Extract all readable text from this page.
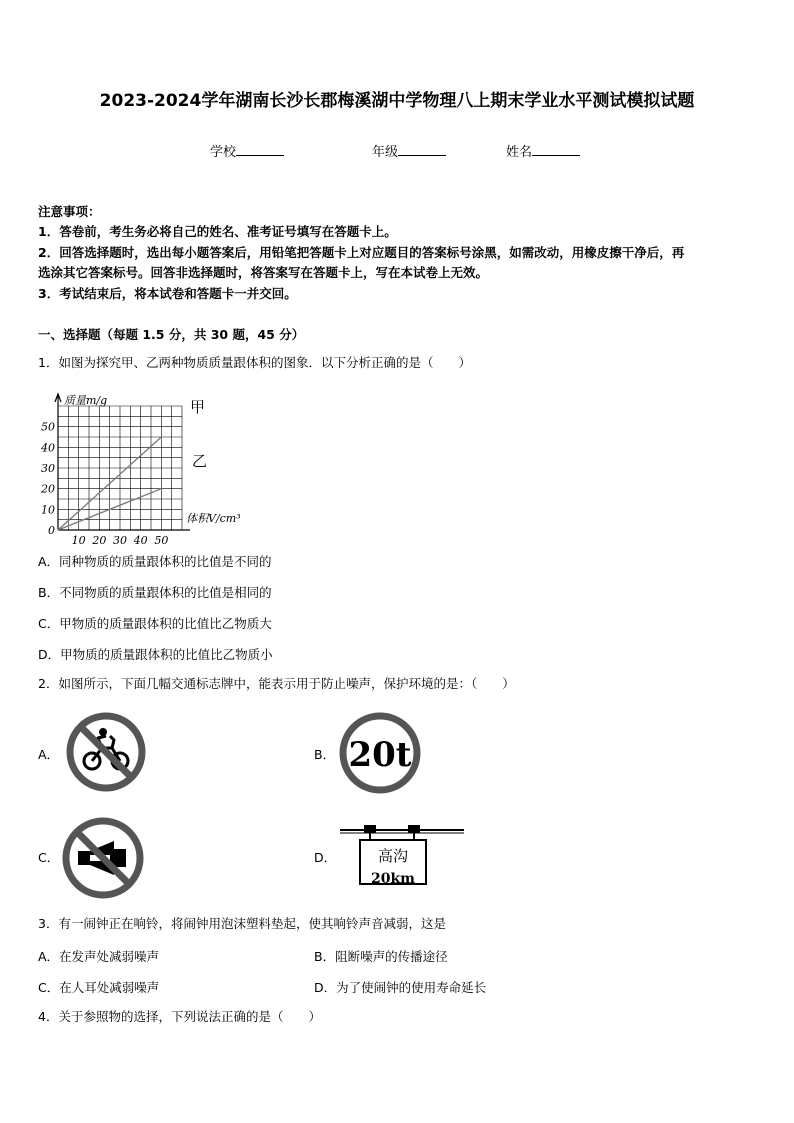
2023-2024学年湖南长沙长郡梅溪湖中学物理八上期末学业水平测试模拟试题
学校	年级	姓名
注意事项：
1．答卷前，考生务必将自己的姓名、准考证号填写在答题卡上。
2．回答选择题时，选出每小题答案后，用铅笔把答题卡上对应题目的答案标号涂黑，如需改动，用橡皮擦干净后，再
选涂其它答案标号。回答非选择题时，将答案写在答题卡上，写在本试卷上无效。
3．考试结束后，将本试卷和答题卡一并交回。
一、选择题（每题 1.5 分，共 30 题，45 分）
1．如图为探究甲、乙两种物质质量跟体积的图象．以下分析正确的是（　　）
0
10
20
30
40
50
10 20 30 40 50
质量m/g
体积V/cm³
甲
乙
A．同种物质的质量跟体积的比值是不同的
B．不同物质的质量跟体积的比值是相同的
C．甲物质的质量跟体积的比值比乙物质大
D．甲物质的质量跟体积的比值比乙物质小
2．如图所示，下面几幅交通标志牌中，能表示用于防止噪声，保护环境的是：（　　）
A．	B． 20t
C．	D．	高沟
20km
3．有一闹钟正在响铃，将闹钟用泡沫塑料垫起，使其响铃声音减弱，这是
A．在发声处减弱噪声	B．阻断噪声的传播途径
C．在人耳处减弱噪声	D．为了使闹钟的使用寿命延长
4．关于参照物的选择，下列说法正确的是（　　）
